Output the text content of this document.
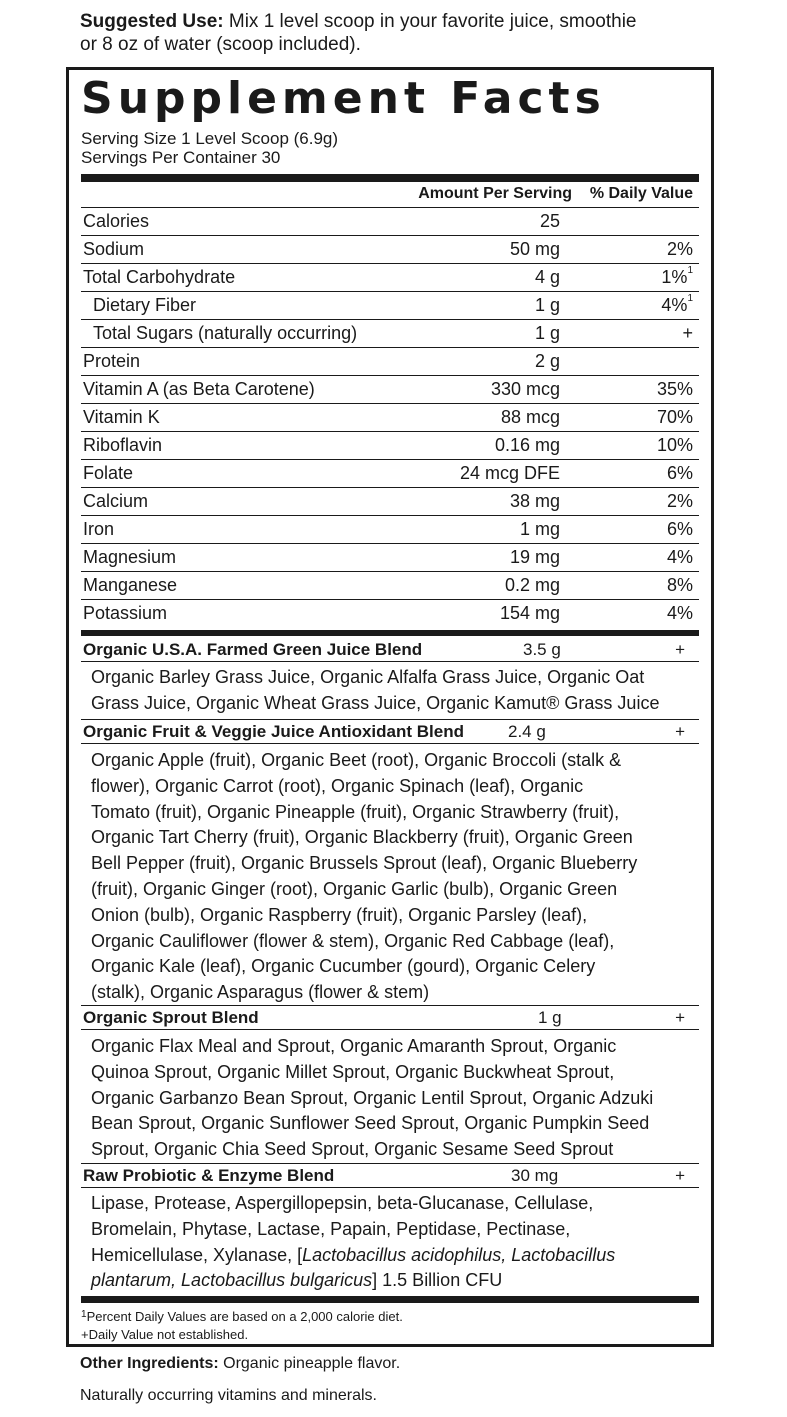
Suggested Use: Mix 1 level scoop in your favorite juice, smoothie
or 8 oz of water (scoop included).
Supplement Facts
Serving Size 1 Level Scoop (6.9g)
Servings Per Container 30
Amount Per Serving % Daily Value
Calories	25
Sodium	50 mg	2%
Total Carbohydrate	4 g	1%$^1$
Dietary Fiber	1 g	4%$^1$
Total Sugars (naturally occurring)	1 g	+
Protein	2 g
Vitamin A (as Beta Carotene)	330 mcg	35%
Vitamin K	88 mcg	70%
Riboflavin	0.16 mg	10%
Folate	24 mcg DFE	6%
Calcium	38 mg	2%
Iron	1 mg	6%
Magnesium	19 mg	4%
Manganese	0.2 mg	8%
Potassium	154 mg	4%
Organic U.S.A. Farmed Green Juice Blend	3.5 g	+
Organic Barley Grass Juice, Organic Alfalfa Grass Juice, Organic Oat
Grass Juice, Organic Wheat Grass Juice, Organic Kamut® Grass Juice
Organic Fruit & Veggie Juice Antioxidant Blend	2.4 g	+
Organic Apple (fruit), Organic Beet (root), Organic Broccoli (stalk &
flower), Organic Carrot (root), Organic Spinach (leaf), Organic
Tomato (fruit), Organic Pineapple (fruit), Organic Strawberry (fruit),
Organic Tart Cherry (fruit), Organic Blackberry (fruit), Organic Green
Bell Pepper (fruit), Organic Brussels Sprout (leaf), Organic Blueberry
(fruit), Organic Ginger (root), Organic Garlic (bulb), Organic Green
Onion (bulb), Organic Raspberry (fruit), Organic Parsley (leaf),
Organic Cauliflower (flower & stem), Organic Red Cabbage (leaf),
Organic Kale (leaf), Organic Cucumber (gourd), Organic Celery
(stalk), Organic Asparagus (flower & stem)
Organic Sprout Blend	1 g	+
Organic Flax Meal and Sprout, Organic Amaranth Sprout, Organic
Quinoa Sprout, Organic Millet Sprout, Organic Buckwheat Sprout,
Organic Garbanzo Bean Sprout, Organic Lentil Sprout, Organic Adzuki
Bean Sprout, Organic Sunflower Seed Sprout, Organic Pumpkin Seed
Sprout, Organic Chia Seed Sprout, Organic Sesame Seed Sprout
Raw Probiotic & Enzyme Blend	30 mg	+
Lipase, Protease, Aspergillopepsin, beta-Glucanase, Cellulase,
Bromelain, Phytase, Lactase, Papain, Peptidase, Pectinase,
Hemicellulase, Xylanase, [Lactobacillus acidophilus, Lactobacillus
plantarum, Lactobacillus bulgaricus] 1.5 Billion CFU
$^1$Percent Daily Values are based on a 2,000 calorie diet.
+Daily Value not established.
Other Ingredients: Organic pineapple flavor.
Naturally occurring vitamins and minerals.
